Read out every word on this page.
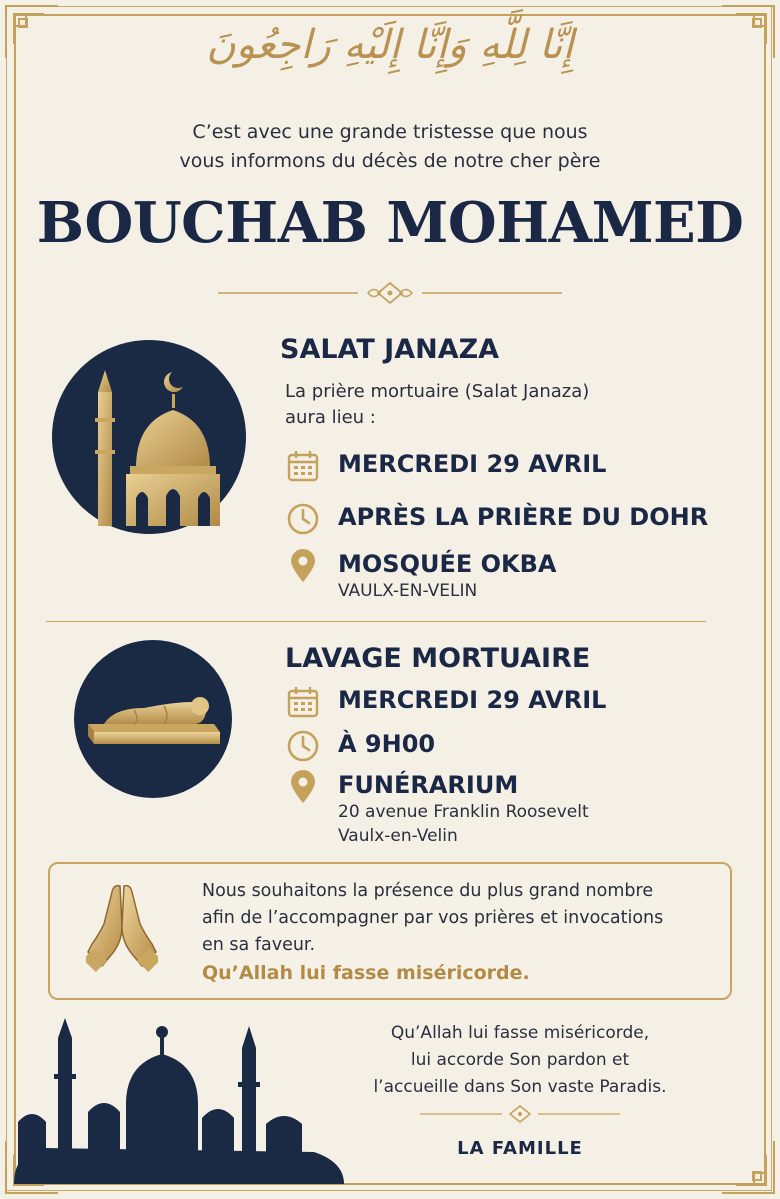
إِنَّا لِلَّهِ وَإِنَّا إِلَيْهِ رَاجِعُونَ
C’est avec une grande tristesse que nous
vous informons du décès de notre cher père
BOUCHAB MOHAMED
SALAT JANAZA
La prière mortuaire (Salat Janaza)
aura lieu :
MERCREDI 29 AVRIL
APRÈS LA PRIÈRE DU DOHR
MOSQUÉE OKBA
VAULX-EN-VELIN
LAVAGE MORTUAIRE
MERCREDI 29 AVRIL
À 9H00
FUNÉRARIUM
20 avenue Franklin Roosevelt
Vaulx-en-Velin
Nous souhaitons la présence du plus grand nombre
afin de l’accompagner par vos prières et invocations
en sa faveur.
Qu’Allah lui fasse miséricorde.
Qu’Allah lui fasse miséricorde,
lui accorde Son pardon et
l’accueille dans Son vaste Paradis.
LA FAMILLE
